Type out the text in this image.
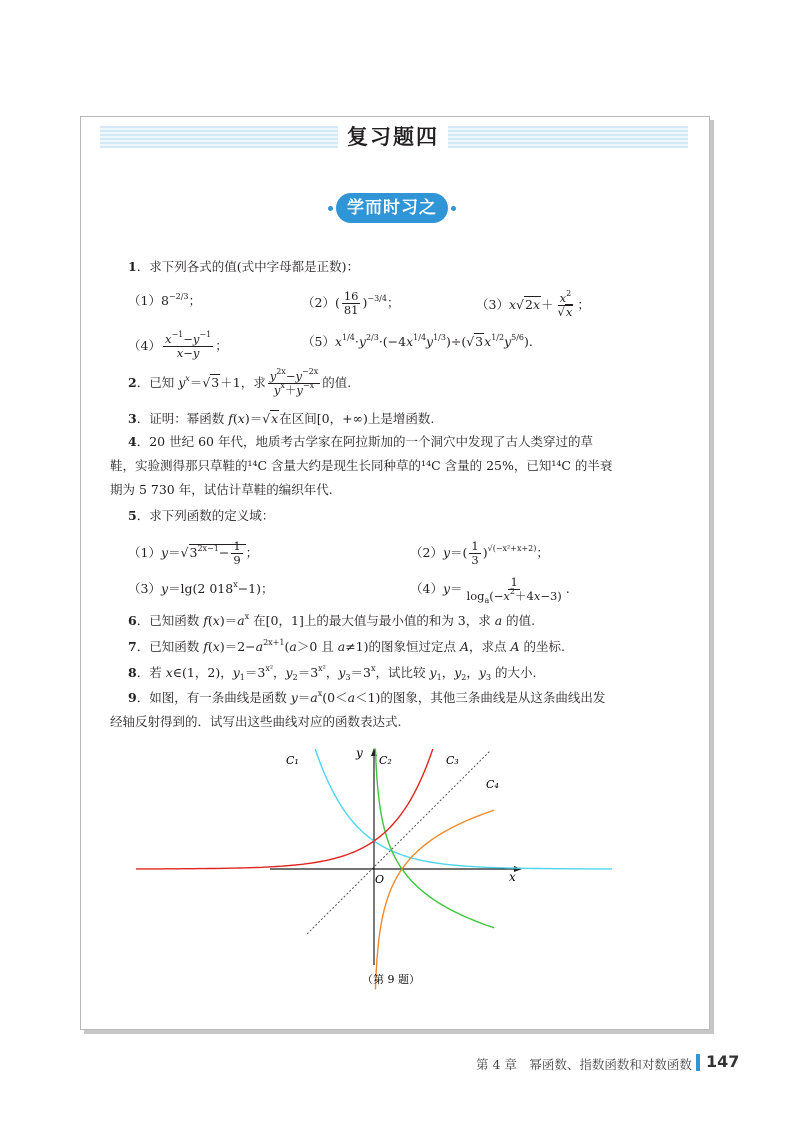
复习题四
学而时习之
1．求下列各式的值(式中字母都是正数)：
$(1)8^{-2/3}$；	$(2)( \frac{16}{81} )^{-3/4}$；	（3）x√ $2x+ x^2$
√ x ；
$(4) \frac{x^{-1}-y^{-1}}{x-y}$ ；	$(5)x^{1/4}\cdot y^{2/3}\cdot(-4x^{1/4}y^{1/3})\div(√$ $3x^{1/2}y^{5/6}$).
2．已知 $y^x=√$ 3＋1，求 $\frac{y^{2x}-y^{-2x}}{y^x+y^{-x}}$ 的值.
3．证明：幂函数 f(x)＝√ x在区间[0，+∞)上是增函数.
4．20 世纪 60 年代，地质考古学家在阿拉斯加的一个洞穴中发现了古人类穿过的草
鞋，实验测得那只草鞋的¹⁴C 含量大约是现生长同种草的¹⁴C 含量的 25%，已知¹⁴C 的半衰
期为 5 730 年，试估计草鞋的编织年代.
5．求下列函数的定义域：
（1）y＝√ $3^{2x-1}- \frac{1}{9}$ ；	$(2)y=( \frac{1}{3} )^{√(-x^2+x+2)}$；
（3）y＝lg(2 $018^x-1$)；	$(4)y= \frac{1}{\log_a(-x^2+4x-3)}$ .
6．已知函数 $f(x)=a^x$ 在[0，1]上的最大值与最小值的和为 3，求 a 的值.
7．已知函数 $f(x)=2-a^{2x+1}(a>0$ 且 a≠1)的图象恒过定点 A，求点 A 的坐标.
8．若 x∈(1，2)，$y_1=3^{x^2}$，$y_2=3^{x^2}$，$y_3=3^x$，试比较 $y_1$，$y_2$，$y_3$ 的大小.
9．如图，有一条曲线是函数 $y=a^x(0<a<1)$的图象，其他三条曲线是从这条曲线出发
经轴反射得到的．试写出这些曲线对应的函数表达式.
C₁	C₂	C₃
C₄
y
x
O
（第 9 题）
第 4 章　幂函数、指数函数和对数函数 147
